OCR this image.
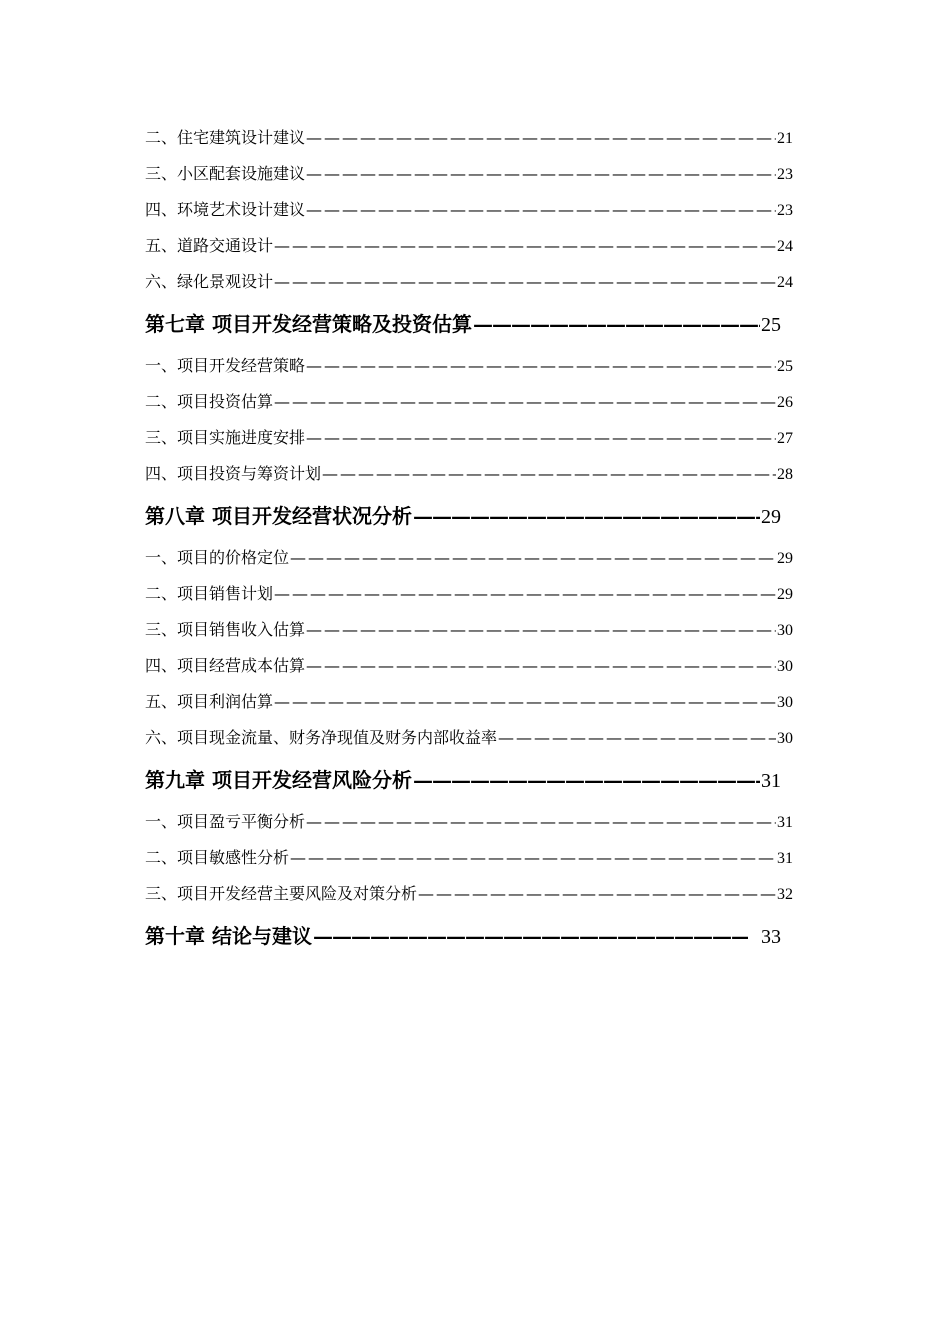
二、住宅建筑设计建议 —————	21
三、小区配套设施建议 —————	23
四、环境艺术设计建议 —————	23
五、道路交通设计 —————	24
六、绿化景观设计 —————	24
第七章 项目开发经营策略及投资估算 —————	25
一、项目开发经营策略 —————	25
二、项目投资估算 —————	26
三、项目实施进度安排 —————	27
四、项目投资与筹资计划 —————	28
第八章 项目开发经营状况分析 —————	29
一、项目的价格定位 —————	29
二、项目销售计划 —————	29
三、项目销售收入估算 —————	30
四、项目经营成本估算 —————	30
五、项目利润估算 —————	30
六、项目现金流量、财务净现值及财务内部收益率 —————	30
第九章 项目开发经营风险分析 —————	31
一、项目盈亏平衡分析 —————	31
二、项目敏感性分析 —————	31
三、项目开发经营主要风险及对策分析 —————	32
第十章 结论与建议 —————	33
